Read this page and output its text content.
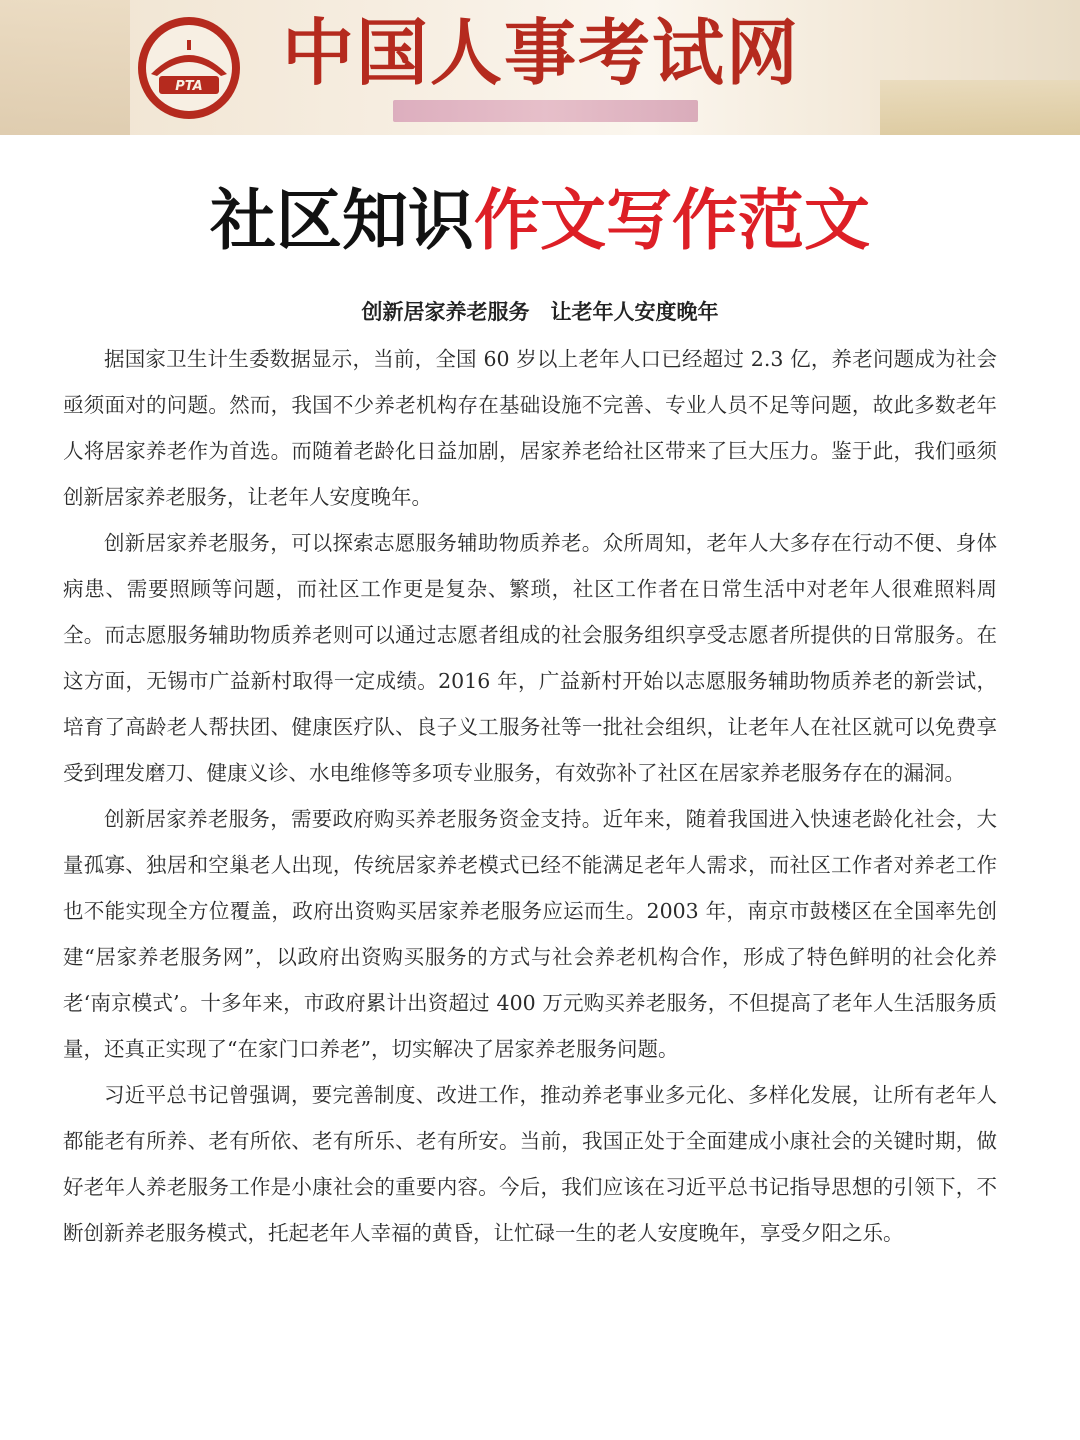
PTA 中国人事考试网
社区知识作文写作范文
创新居家养老服务　让老年人安度晚年

据国家卫生计生委数据显示，当前，全国 60 岁以上老年人口已经超过 2.3 亿，养老问题成为社会亟须面对的问题。然而，我国不少养老机构存在基础设施不完善、专业人员不足等问题，故此多数老年人将居家养老作为首选。而随着老龄化日益加剧，居家养老给社区带来了巨大压力。鉴于此，我们亟须创新居家养老服务，让老年人安度晚年。

创新居家养老服务，可以探索志愿服务辅助物质养老。众所周知，老年人大多存在行动不便、身体病患、需要照顾等问题，而社区工作更是复杂、繁琐，社区工作者在日常生活中对老年人很难照料周全。而志愿服务辅助物质养老则可以通过志愿者组成的社会服务组织享受志愿者所提供的日常服务。在这方面，无锡市广益新村取得一定成绩。2016 年，广益新村开始以志愿服务辅助物质养老的新尝试，培育了高龄老人帮扶团、健康医疗队、良子义工服务社等一批社会组织，让老年人在社区就可以免费享受到理发磨刀、健康义诊、水电维修等多项专业服务，有效弥补了社区在居家养老服务存在的漏洞。

创新居家养老服务，需要政府购买养老服务资金支持。近年来，随着我国进入快速老龄化社会，大量孤寡、独居和空巢老人出现，传统居家养老模式已经不能满足老年人需求，而社区工作者对养老工作也不能实现全方位覆盖，政府出资购买居家养老服务应运而生。2003 年，南京市鼓楼区在全国率先创建“居家养老服务网”，以政府出资购买服务的方式与社会养老机构合作，形成了特色鲜明的社会化养老‘南京模式’。十多年来，市政府累计出资超过 400 万元购买养老服务，不但提高了老年人生活服务质量，还真正实现了“在家门口养老”，切实解决了居家养老服务问题。

习近平总书记曾强调，要完善制度、改进工作，推动养老事业多元化、多样化发展，让所有老年人都能老有所养、老有所依、老有所乐、老有所安。当前，我国正处于全面建成小康社会的关键时期，做好老年人养老服务工作是小康社会的重要内容。今后，我们应该在习近平总书记指导思想的引领下，不断创新养老服务模式，托起老年人幸福的黄昏，让忙碌一生的老人安度晚年，享受夕阳之乐。
